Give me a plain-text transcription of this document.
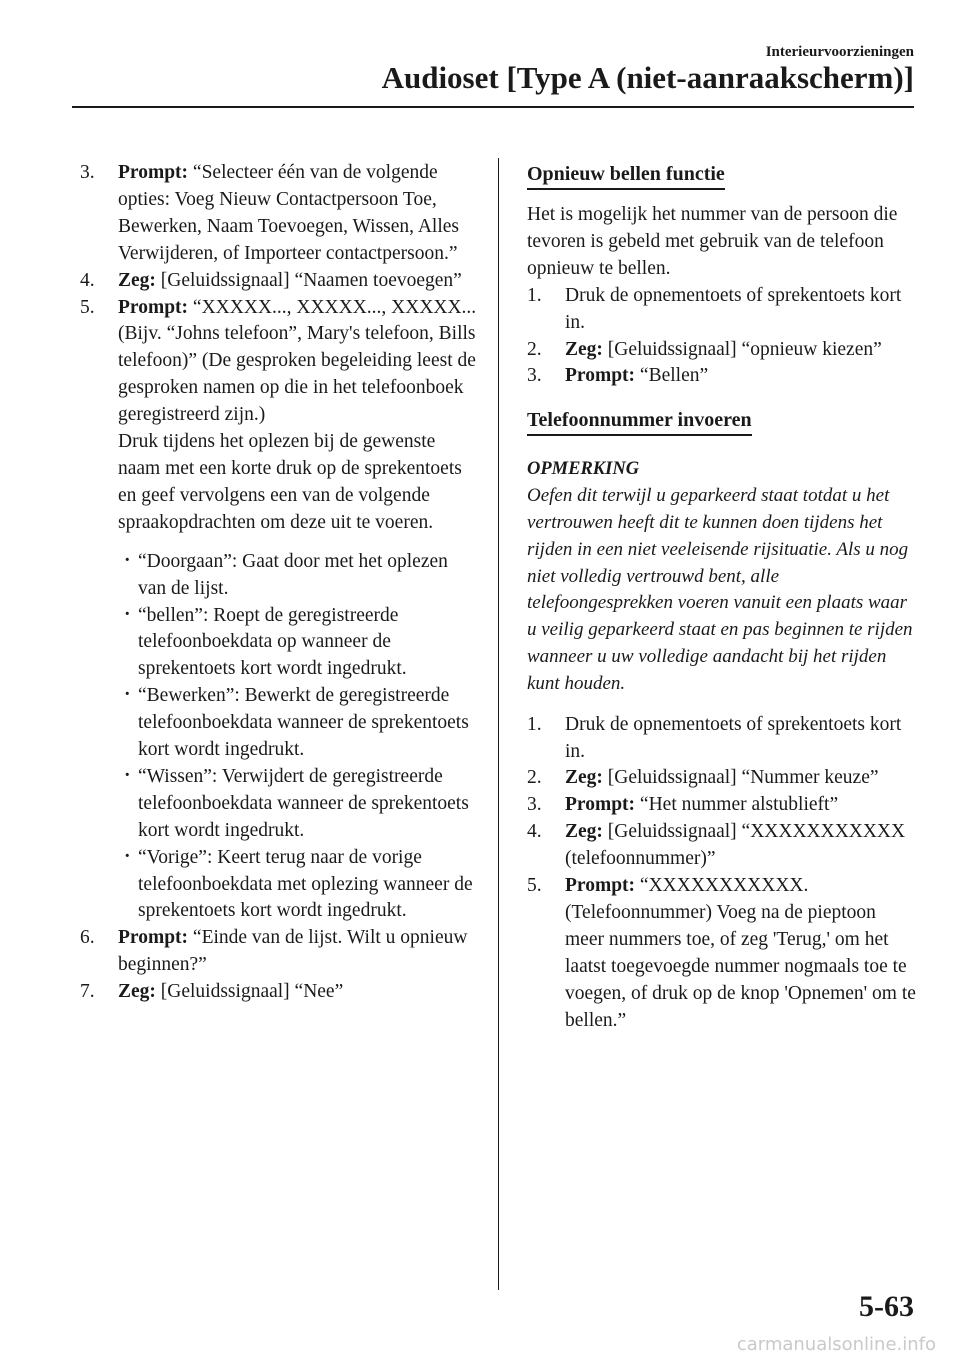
Interieurvoorzieningen
Audioset [Type A (niet-aanraakscherm)]
3. Prompt: “Selecteer één van de volgende opties: Voeg Nieuw Contactpersoon Toe, Bewerken, Naam Toevoegen, Wissen, Alles Verwijderen, of Importeer contactpersoon.”
4. Zeg: [Geluidssignaal] “Naamen toevoegen”
5. Prompt: “XXXXX..., XXXXX..., XXXXX... (Bijv. “Johns telefoon”, Mary's telefoon, Bills telefoon)” (De gesproken begeleiding leest de gesproken namen op die in het telefoonboek geregistreerd zijn.)
Druk tijdens het oplezen bij de gewenste naam met een korte druk op de sprekentoets en geef vervolgens een van de volgende spraakopdrachten om deze uit te voeren.
· “Doorgaan”: Gaat door met het oplezen van de lijst.
· “bellen”: Roept de geregistreerde telefoonboekdata op wanneer de sprekentoets kort wordt ingedrukt.
· “Bewerken”: Bewerkt de geregistreerde telefoonboekdata wanneer de sprekentoets kort wordt ingedrukt.
· “Wissen”: Verwijdert de geregistreerde telefoonboekdata wanneer de sprekentoets kort wordt ingedrukt.
· “Vorige”: Keert terug naar de vorige telefoonboekdata met oplezing wanneer de sprekentoets kort wordt ingedrukt.
6. Prompt: “Einde van de lijst. Wilt u opnieuw beginnen?”
7. Zeg: [Geluidssignaal] “Nee”
Opnieuw bellen functie
Het is mogelijk het nummer van de persoon die tevoren is gebeld met gebruik van de telefoon opnieuw te bellen.
1. Druk de opnementoets of sprekentoets kort in.
2. Zeg: [Geluidssignaal] “opnieuw kiezen”
3. Prompt: “Bellen”
Telefoonnummer invoeren
OPMERKING
Oefen dit terwijl u geparkeerd staat totdat u het vertrouwen heeft dit te kunnen doen tijdens het rijden in een niet veeleisende rijsituatie. Als u nog niet volledig vertrouwd bent, alle telefoongesprekken voeren vanuit een plaats waar u veilig geparkeerd staat en pas beginnen te rijden wanneer u uw volledige aandacht bij het rijden kunt houden.
1. Druk de opnementoets of sprekentoets kort in.
2. Zeg: [Geluidssignaal] “Nummer keuze”
3. Prompt: “Het nummer alstublieft”
4. Zeg: [Geluidssignaal] “XXXXXXXXXXX (telefoonnummer)”
5. Prompt: “XXXXXXXXXXX. (Telefoonnummer) Voeg na de pieptoon meer nummers toe, of zeg 'Terug,' om het laatst toegevoegde nummer nogmaals toe te voegen, of druk op de knop 'Opnemen' om te bellen.”
5-63
carmanualsonline.info
